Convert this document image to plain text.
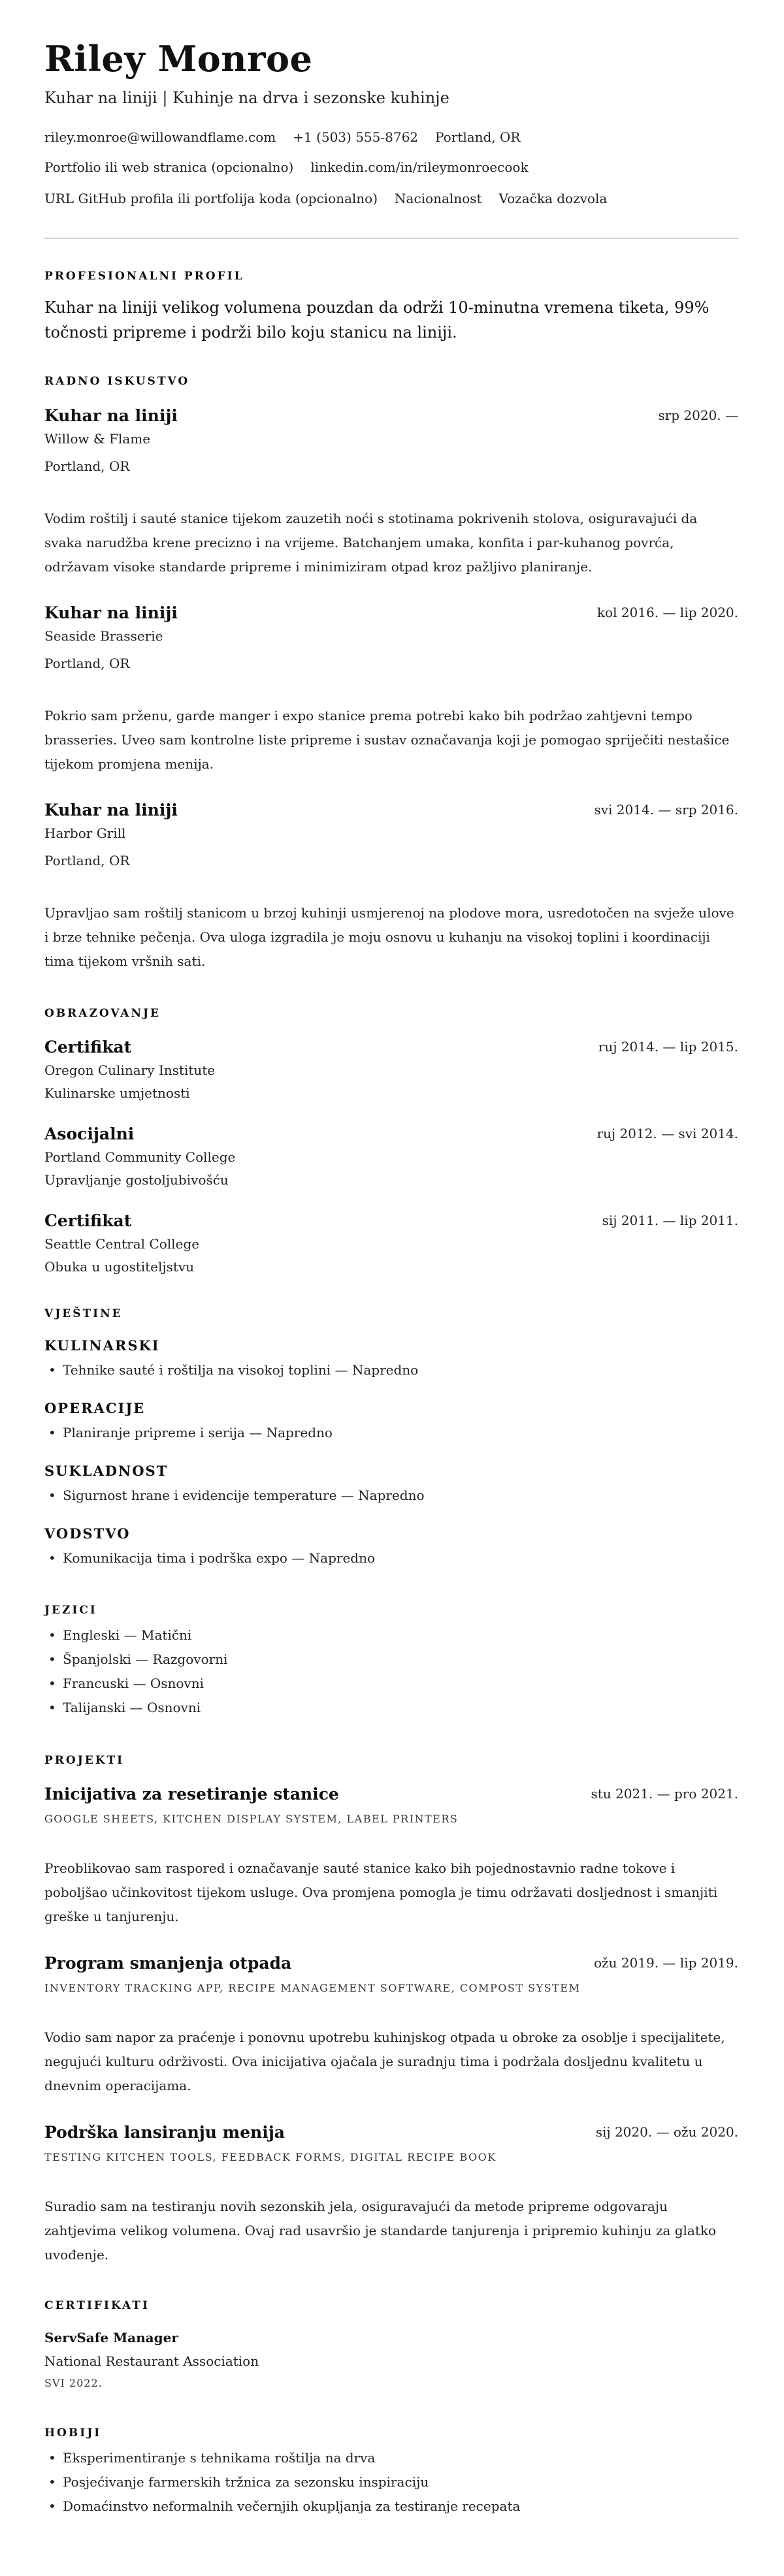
Riley Monroe
Kuhar na liniji | Kuhinje na drva i sezonske kuhinje
riley.monroe@willowandflame.com +1 (503) 555-8762 Portland, OR
Portfolio ili web stranica (opcionalno) linkedin.com/in/rileymonroecook
URL GitHub profila ili portfolija koda (opcionalno) Nacionalnost Vozačka dozvola
PROFESIONALNI PROFIL
Kuhar na liniji velikog volumena pouzdan da održi 10-minutna vremena tiketa, 99% točnosti pripreme i podrži bilo koju stanicu na liniji.
RADNO ISKUSTVO
Kuhar na liniji	srp 2020. —
Willow & Flame
Portland, OR
Vodim roštilj i sauté stanice tijekom zauzetih noći s stotinama pokrivenih stolova, osiguravajući da svaka narudžba krene precizno i na vrijeme. Batchanjem umaka, konfita i par-kuhanog povrća, održavam visoke standarde pripreme i minimiziram otpad kroz pažljivo planiranje.
Kuhar na liniji	kol 2016. — lip 2020.
Seaside Brasserie
Portland, OR
Pokrio sam prženu, garde manger i expo stanice prema potrebi kako bih podržao zahtjevni tempo brasseries. Uveo sam kontrolne liste pripreme i sustav označavanja koji je pomogao spriječiti nestašice tijekom promjena menija.
Kuhar na liniji	svi 2014. — srp 2016.
Harbor Grill
Portland, OR
Upravljao sam roštilj stanicom u brzoj kuhinji usmjerenoj na plodove mora, usredotočen na svježe ulove i brze tehnike pečenja. Ova uloga izgradila je moju osnovu u kuhanju na visokoj toplini i koordinaciji tima tijekom vršnih sati.
OBRAZOVANJE
Certifikat	ruj 2014. — lip 2015.
Oregon Culinary Institute
Kulinarske umjetnosti
Asocijalni	ruj 2012. — svi 2014.
Portland Community College
Upravljanje gostoljubivošću
Certifikat	sij 2011. — lip 2011.
Seattle Central College
Obuka u ugostiteljstvu
VJEŠTINE
KULINARSKI
• Tehnike sauté i roštilja na visokoj toplini — Napredno
OPERACIJE
• Planiranje pripreme i serija — Napredno
SUKLADNOST
• Sigurnost hrane i evidencije temperature — Napredno
VODSTVO
• Komunikacija tima i podrška expo — Napredno
JEZICI
• Engleski — Matični
• Španjolski — Razgovorni
• Francuski — Osnovni
• Talijanski — Osnovni
PROJEKTI
Inicijativa za resetiranje stanice	stu 2021. — pro 2021.
GOOGLE SHEETS, KITCHEN DISPLAY SYSTEM, LABEL PRINTERS
Preoblikovao sam raspored i označavanje sauté stanice kako bih pojednostavnio radne tokove i poboljšao učinkovitost tijekom usluge. Ova promjena pomogla je timu održavati dosljednost i smanjiti greške u tanjurenju.
Program smanjenja otpada	ožu 2019. — lip 2019.
INVENTORY TRACKING APP, RECIPE MANAGEMENT SOFTWARE, COMPOST SYSTEM
Vodio sam napor za praćenje i ponovnu upotrebu kuhinjskog otpada u obroke za osoblje i specijalitete, negujući kulturu održivosti. Ova inicijativa ojačala je suradnju tima i podržala dosljednu kvalitetu u dnevnim operacijama.
Podrška lansiranju menija	sij 2020. — ožu 2020.
TESTING KITCHEN TOOLS, FEEDBACK FORMS, DIGITAL RECIPE BOOK
Suradio sam na testiranju novih sezonskih jela, osiguravajući da metode pripreme odgovaraju zahtjevima velikog volumena. Ovaj rad usavršio je standarde tanjurenja i pripremio kuhinju za glatko uvođenje.
CERTIFIKATI
ServSafe Manager
National Restaurant Association
SVI 2022.
HOBIJI
• Eksperimentiranje s tehnikama roštilja na drva
• Posjećivanje farmerskih tržnica za sezonsku inspiraciju
• Domaćinstvo neformalnih večernjih okupljanja za testiranje recepata
